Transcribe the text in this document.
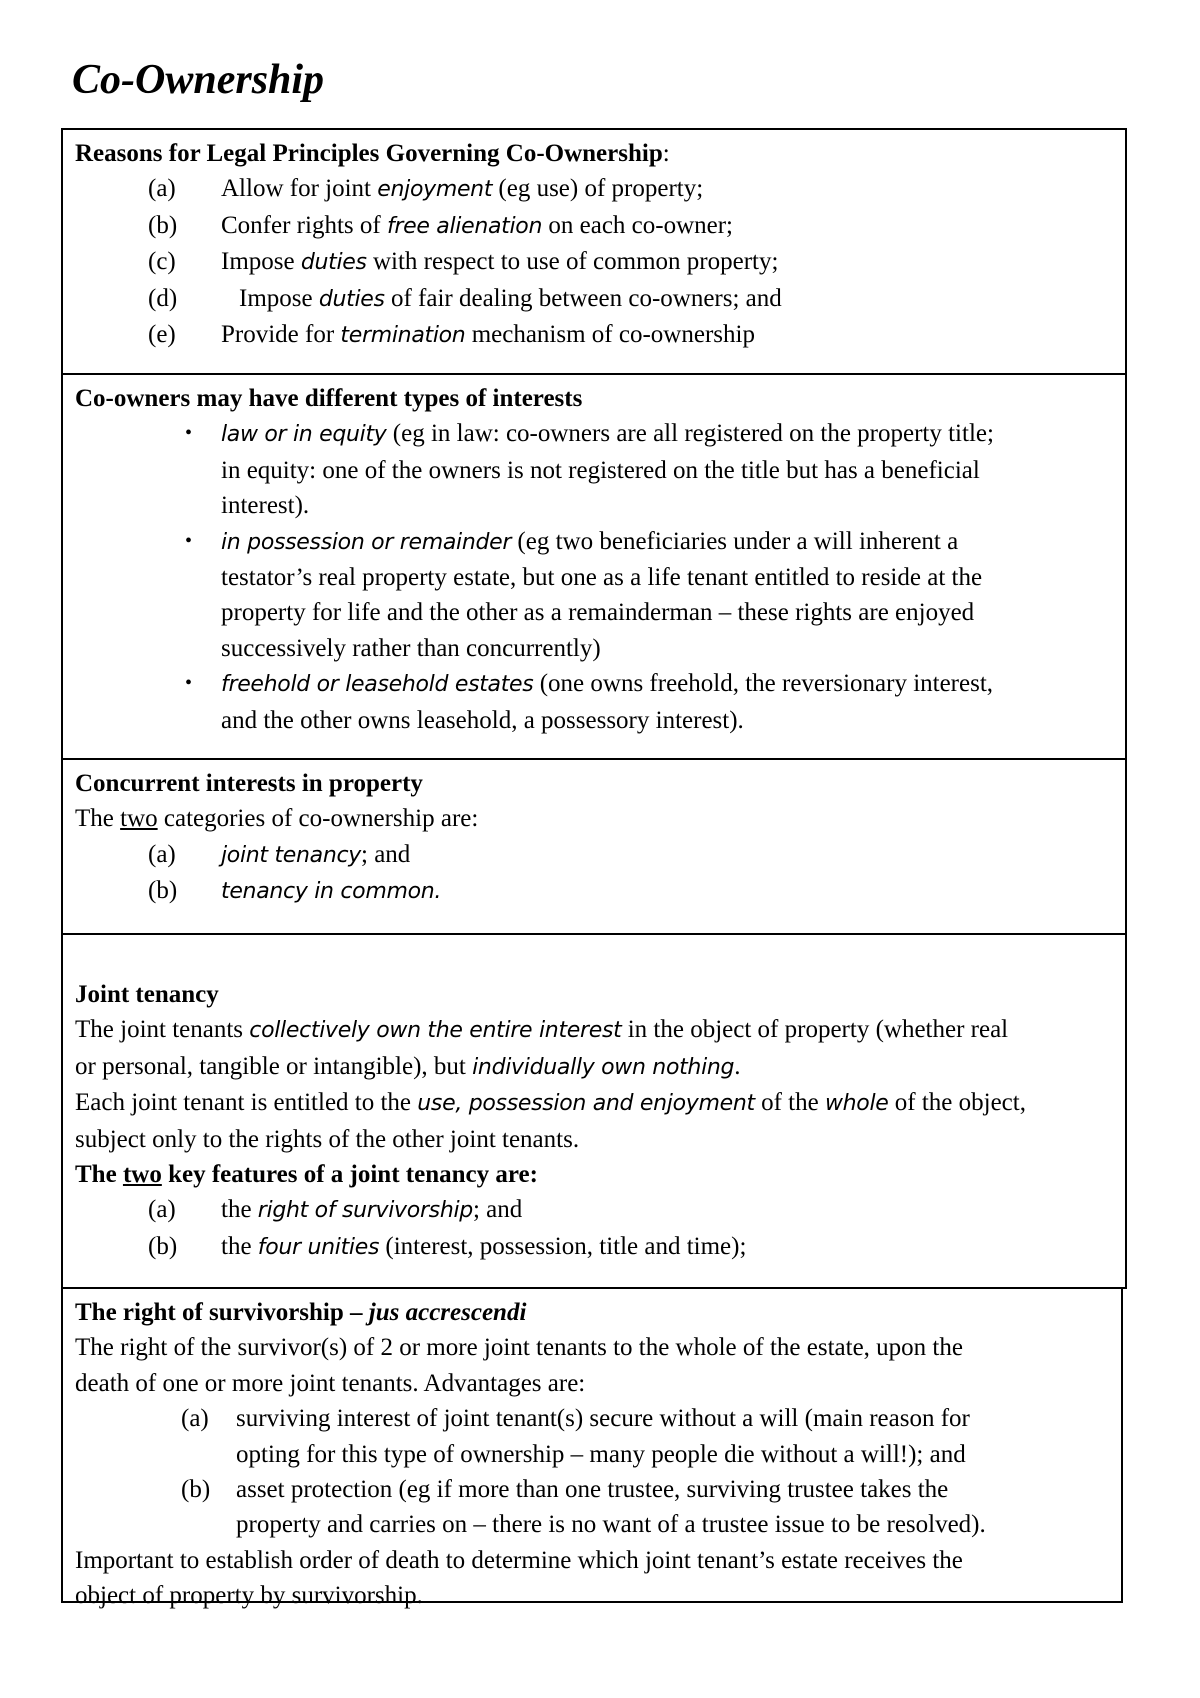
Co-Ownership
Reasons for Legal Principles Governing Co-Ownership:
(a) Allow for joint enjoyment (eg use) of property;
(b) Confer rights of free alienation on each co-owner;
(c) Impose duties with respect to use of common property;
(d) Impose duties of fair dealing between co-owners; and
(e) Provide for termination mechanism of co-ownership
Co-owners may have different types of interests
• law or in equity (eg in law: co-owners are all registered on the property title;
in equity: one of the owners is not registered on the title but has a beneficial
interest).
• in possession or remainder (eg two beneficiaries under a will inherent a
testator’s real property estate, but one as a life tenant entitled to reside at the
property for life and the other as a remainderman – these rights are enjoyed
successively rather than concurrently)
• freehold or leasehold estates (one owns freehold, the reversionary interest,
and the other owns leasehold, a possessory interest).
Concurrent interests in property
The two categories of co-ownership are:
(a) joint tenancy; and
(b) tenancy in common.
Joint tenancy
The joint tenants collectively own the entire interest in the object of property (whether real
or personal, tangible or intangible), but individually own nothing.
Each joint tenant is entitled to the use, possession and enjoyment of the whole of the object,
subject only to the rights of the other joint tenants.
The two key features of a joint tenancy are:
(a) the right of survivorship; and
(b) the four unities (interest, possession, title and time);
The right of survivorship – jus accrescendi
The right of the survivor(s) of 2 or more joint tenants to the whole of the estate, upon the
death of one or more joint tenants. Advantages are:
(a) surviving interest of joint tenant(s) secure without a will (main reason for
opting for this type of ownership – many people die without a will!); and
(b) asset protection (eg if more than one trustee, surviving trustee takes the
property and carries on – there is no want of a trustee issue to be resolved).
Important to establish order of death to determine which joint tenant’s estate receives the
object of property by survivorship.
